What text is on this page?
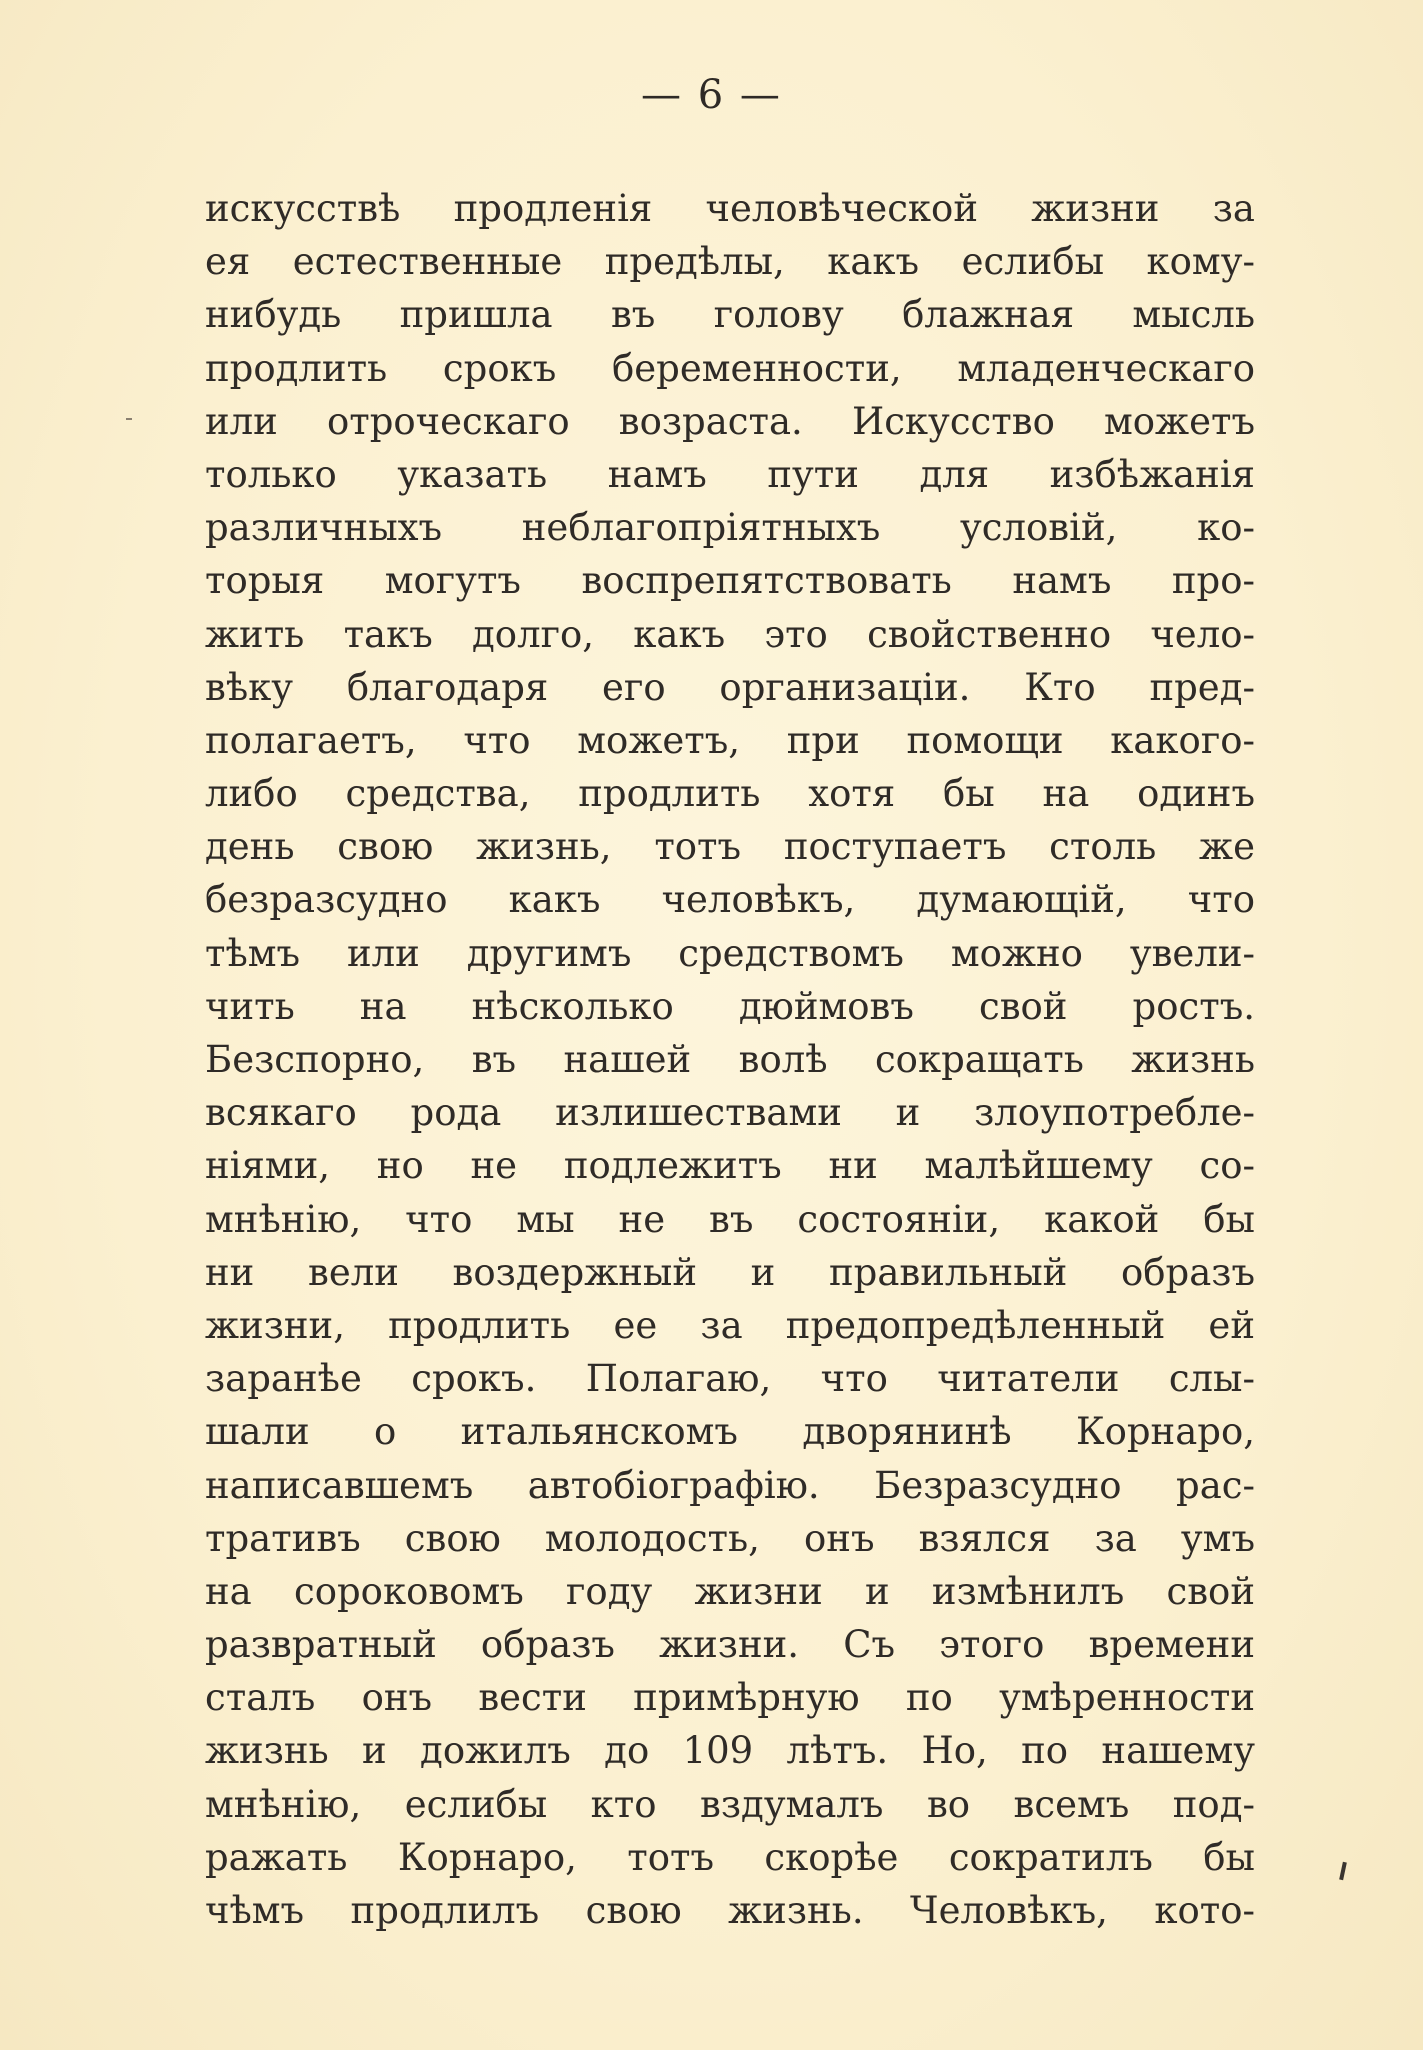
— 6 —
искусствѣ продленія человѣческой жизни за
ея естественные предѣлы, какъ еслибы кому-
нибудь пришла въ голову блажная мысль
продлить срокъ беременности, младенческаго
или отроческаго возраста. Искусство можетъ
только указать намъ пути для избѣжанія
различныхъ неблагопріятныхъ условій, ко-
торыя могутъ воспрепятствовать намъ про-
жить такъ долго, какъ это свойственно чело-
вѣку благодаря его организаціи. Кто пред-
полагаетъ, что можетъ, при помощи какого-
либо средства, продлить хотя бы на одинъ
день свою жизнь, тотъ поступаетъ столь же
безразсудно какъ человѣкъ, думающій, что
тѣмъ или другимъ средствомъ можно увели-
чить на нѣсколько дюймовъ свой ростъ.
Безспорно, въ нашей волѣ сокращать жизнь
всякаго рода излишествами и злоупотребле-
ніями, но не подлежитъ ни малѣйшему со-
мнѣнію, что мы не въ состояніи, какой бы
ни вели воздержный и правильный образъ
жизни, продлить ее за предопредѣленный ей
заранѣе срокъ. Полагаю, что читатели слы-
шали о итальянскомъ дворянинѣ Корнаро,
написавшемъ автобіографію. Безразсудно рас-
тративъ свою молодость, онъ взялся за умъ
на сороковомъ году жизни и измѣнилъ свой
развратный образъ жизни. Съ этого времени
сталъ онъ вести примѣрную по умѣренности
жизнь и дожилъ до 109 лѣтъ. Но, по нашему
мнѣнію, еслибы кто вздумалъ во всемъ под-
ражать Корнаро, тотъ скорѣе сократилъ бы
чѣмъ продлилъ свою жизнь. Человѣкъ, кото-
